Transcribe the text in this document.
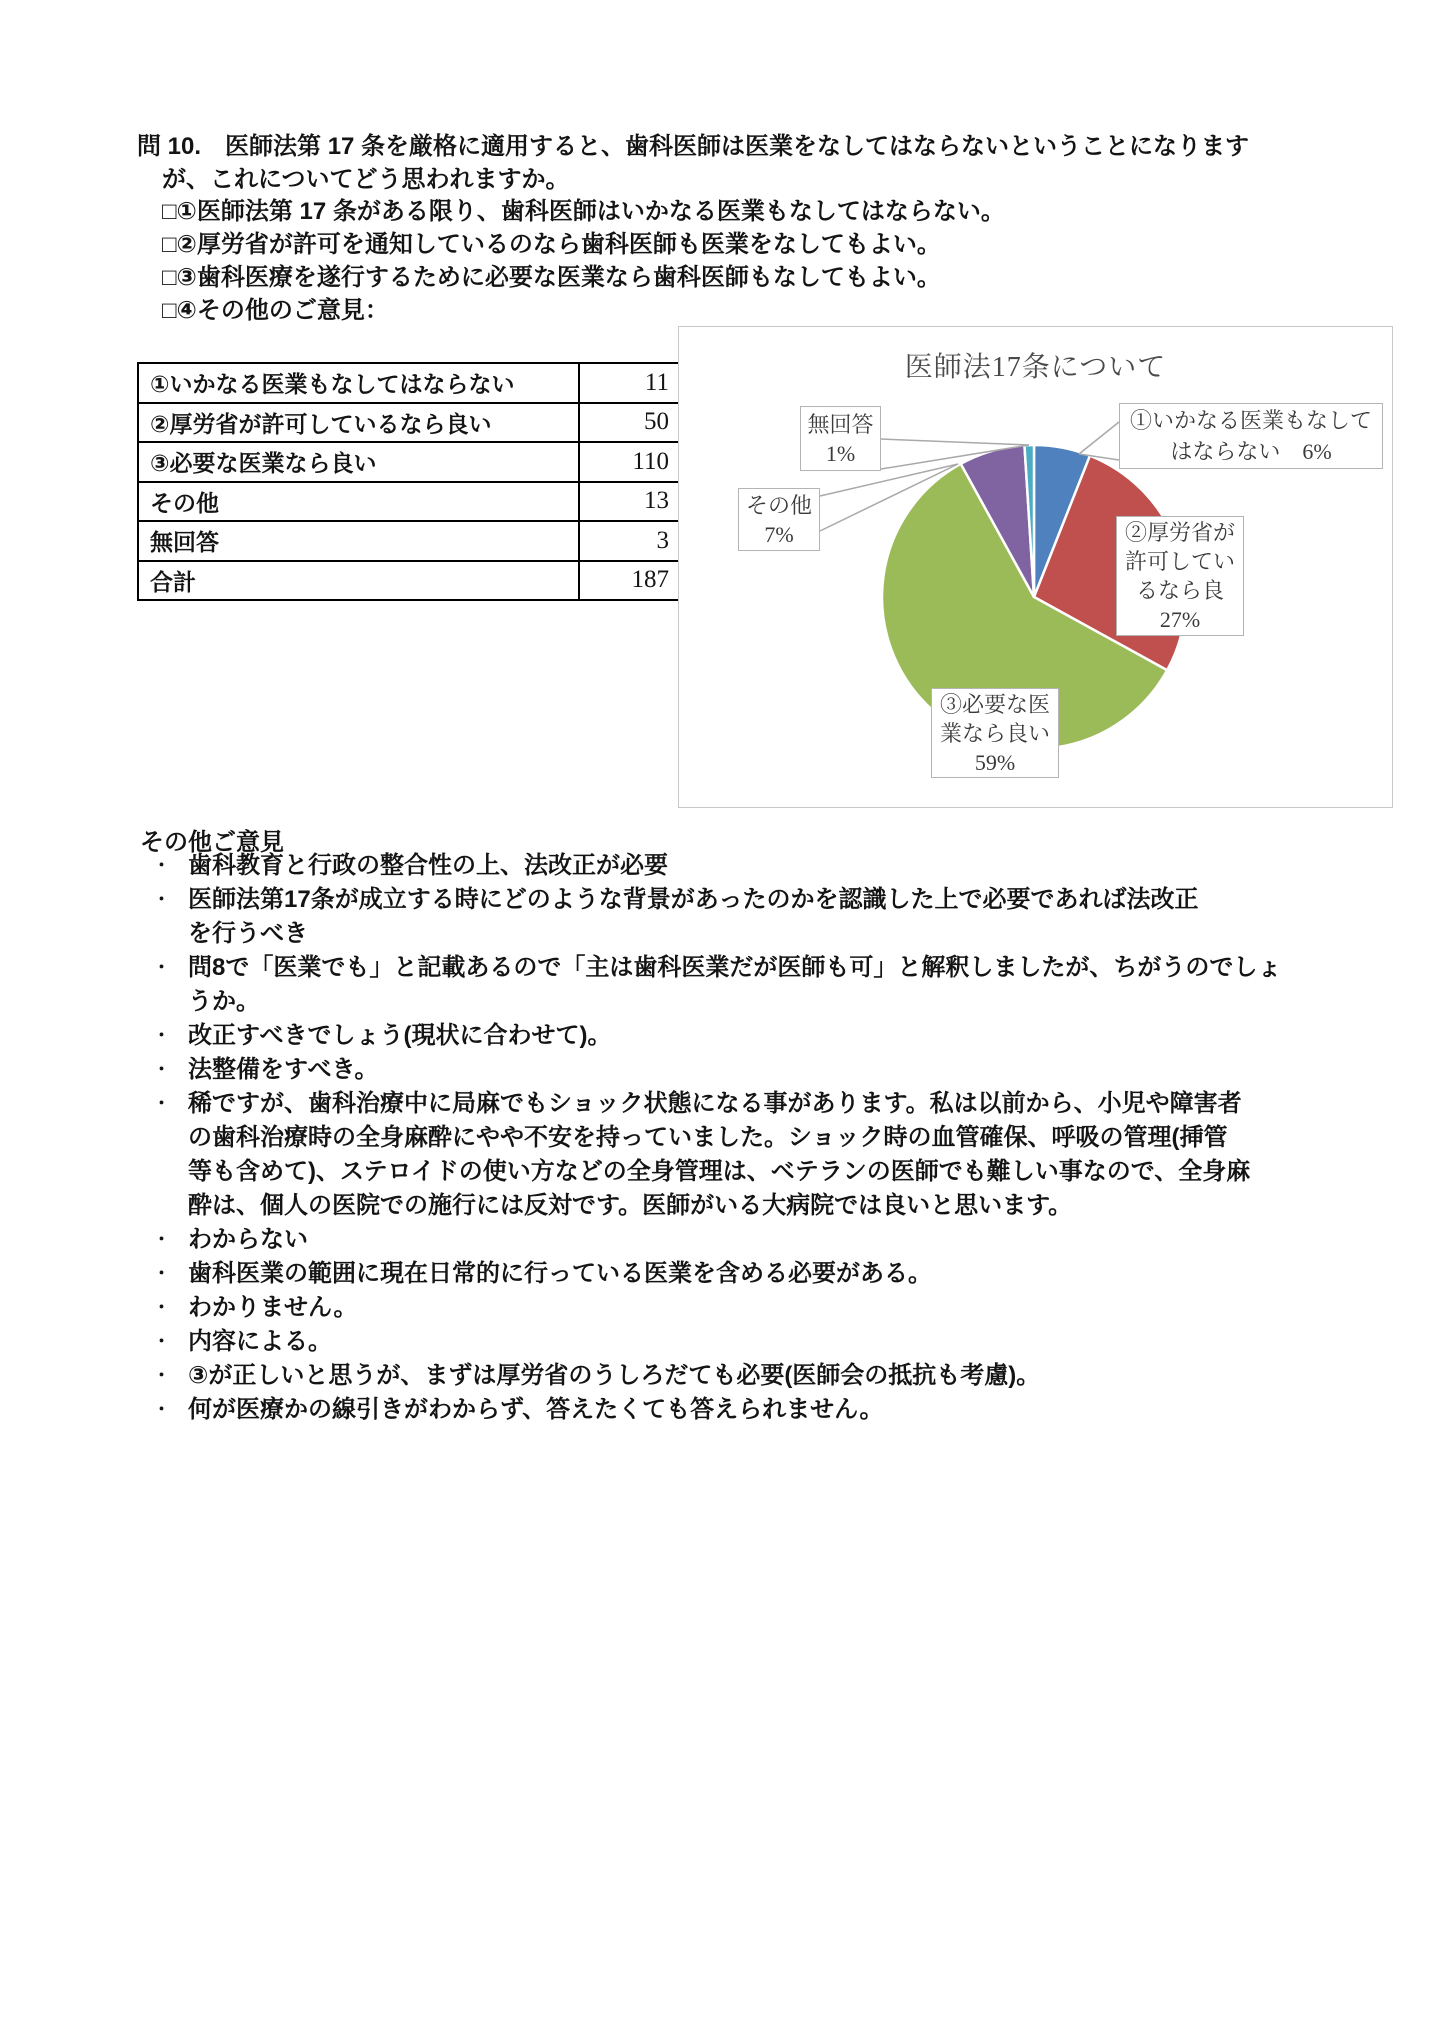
問 10.　医師法第 17 条を厳格に適用すると、歯科医師は医業をなしてはならないということになります
が、これについてどう思われますか。
□①医師法第 17 条がある限り、歯科医師はいかなる医業もなしてはならない。
□②厚労省が許可を通知しているのなら歯科医師も医業をなしてもよい。
□③歯科医療を遂行するために必要な医業なら歯科医師もなしてもよい。
□④その他のご意見：
①いかなる医業もなしてはならない	11
②厚労省が許可しているなら良い	50
③必要な医業なら良い	110
その他	13
無回答	3
合計	187
医師法17条について
無回答
1%
その他
7%
①いかなる医業もなして
はならない　6%
②厚労省が
許可してい
るなら良
27%
③必要な医
業なら良い
59%
その他ご意見
・ 歯科教育と行政の整合性の上、法改正が必要
・ 医師法第17条が成立する時にどのような背景があったのかを認識した上で必要であれば法改正
を行うべき
・ 問8で「医業でも」と記載あるので「主は歯科医業だが医師も可」と解釈しましたが、ちがうのでしょ
うか。
・ 改正すべきでしょう(現状に合わせて)。
・ 法整備をすべき。
・ 稀ですが、歯科治療中に局麻でもショック状態になる事があります。私は以前から、小児や障害者
の歯科治療時の全身麻酔にやや不安を持っていました。ショック時の血管確保、呼吸の管理(挿管
等も含めて)、ステロイドの使い方などの全身管理は、ベテランの医師でも難しい事なので、全身麻
酔は、個人の医院での施行には反対です。医師がいる大病院では良いと思います。
・ わからない
・ 歯科医業の範囲に現在日常的に行っている医業を含める必要がある。
・ わかりません。
・ 内容による。
・ ③が正しいと思うが、まずは厚労省のうしろだても必要(医師会の抵抗も考慮)。
・ 何が医療かの線引きがわからず、答えたくても答えられません。
